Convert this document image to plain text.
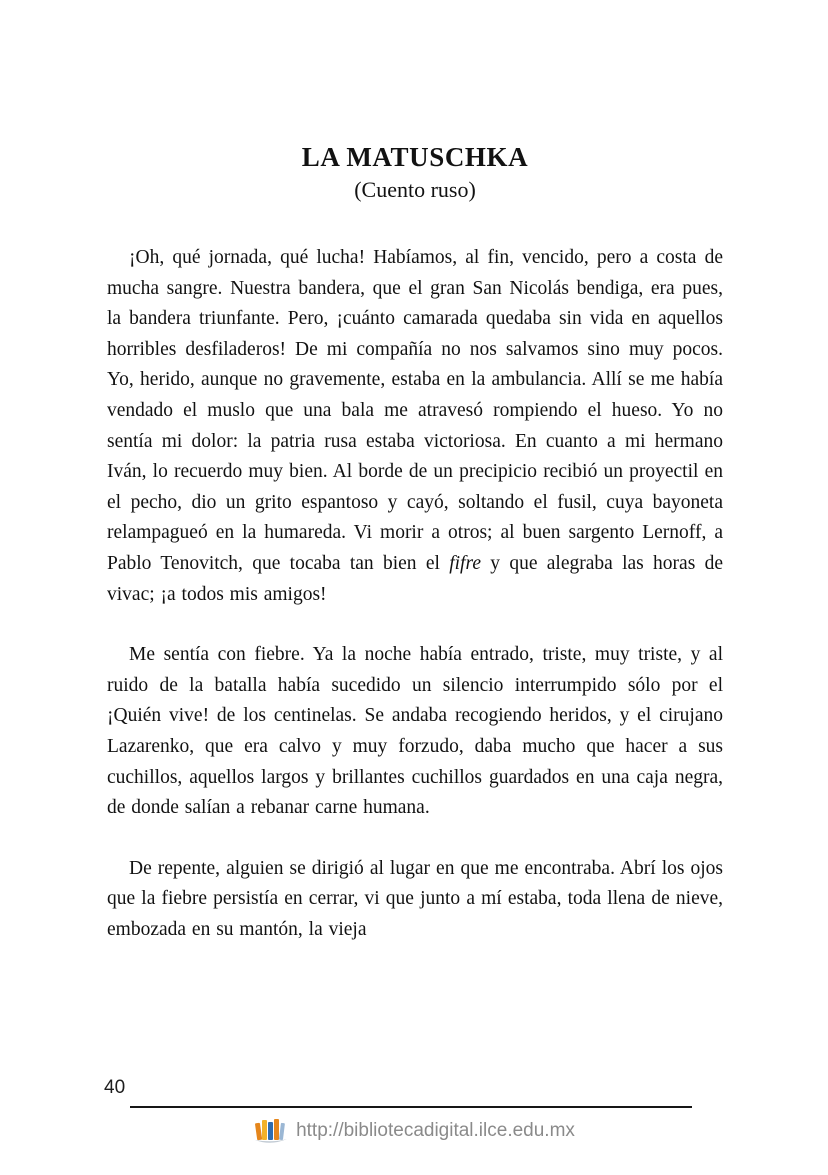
LA MATUSCHKA
(Cuento ruso)

¡Oh, qué jornada, qué lucha! Habíamos, al fin, vencido, pero a costa de mucha sangre. Nuestra bandera, que el gran San Nicolás bendiga, era pues, la bandera triunfante. Pero, ¡cuánto camarada quedaba sin vida en aquellos horribles desfiladeros! De mi compañía no nos salvamos sino muy pocos. Yo, herido, aunque no gravemente, estaba en la ambulancia. Allí se me había vendado el muslo que una bala me atravesó rompiendo el hueso. Yo no sentía mi dolor: la patria rusa estaba victoriosa. En cuanto a mi hermano Iván, lo recuerdo muy bien. Al borde de un precipicio recibió un proyectil en el pecho, dio un grito espantoso y cayó, soltando el fusil, cuya bayoneta relampagueó en la humareda. Vi morir a otros; al buen sargento Lernoff, a Pablo Tenovitch, que tocaba tan bien el fifre y que alegraba las horas de vivac; ¡a todos mis amigos!

Me sentía con fiebre. Ya la noche había entrado, triste, muy triste, y al ruido de la batalla había sucedido un silencio interrumpido sólo por el ¡Quién vive! de los centinelas. Se andaba recogiendo heridos, y el cirujano Lazarenko, que era calvo y muy forzudo, daba mucho que hacer a sus cuchillos, aquellos largos y brillantes cuchillos guardados en una caja negra, de donde salían a rebanar carne humana.

De repente, alguien se dirigió al lugar en que me encontraba. Abrí los ojos que la fiebre persistía en cerrar, vi que junto a mí estaba, toda llena de nieve, embozada en su mantón, la vieja

40
http://bibliotecadigital.ilce.edu.mx
